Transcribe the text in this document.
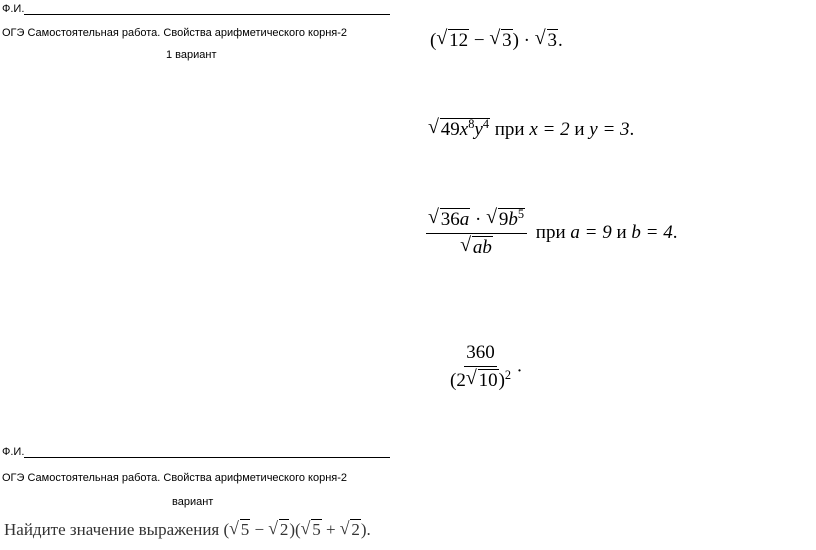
Ф.И.
ОГЭ Самостоятельная работа. Свойства арифметического корня-2
1 вариант
( √ 12 − √ 3) · √ 3.
√ $49x^8y^4$ при x = 2 и y = 3.
√ 36a · √ $9b^5$
√ ab при a = 9 и b = 4.
$\frac{360}{(2 √ 10)^2}$ .
Ф.И.
ОГЭ Самостоятельная работа. Свойства арифметического корня-2
вариант
Найдите значение выражения ( √ 5 − √ 2)( √ 5 + √ 2).
